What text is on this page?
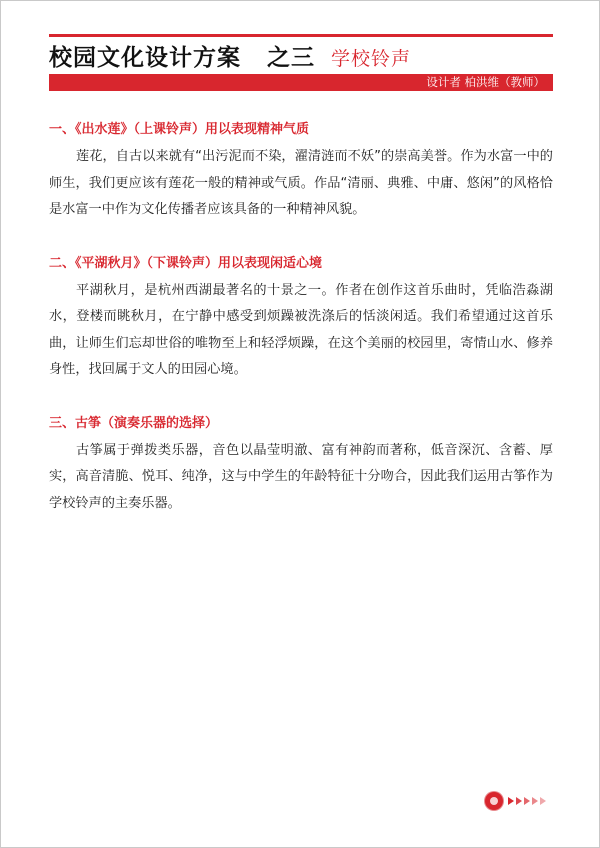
校园文化设计方案 之三 学校铃声
设计者 柏洪维（教师）

一、《出水莲》（上课铃声）用以表现精神气质

莲花，自古以来就有“出污泥而不染，濯清涟而不妖”的崇高美誉。作为水富一中的师生，我们更应该有莲花一般的精神或气质。作品“清丽、典雅、中庸、悠闲”的风格恰是水富一中作为文化传播者应该具备的一种精神风貌。

二、《平湖秋月》（下课铃声）用以表现闲适心境

平湖秋月，是杭州西湖最著名的十景之一。作者在创作这首乐曲时，凭临浩淼湖水，登楼而眺秋月，在宁静中感受到烦躁被洗涤后的恬淡闲适。我们希望通过这首乐曲，让师生们忘却世俗的唯物至上和轻浮烦躁，在这个美丽的校园里，寄情山水、修养身性，找回属于文人的田园心境。

三、古筝（演奏乐器的选择）

古筝属于弹拨类乐器，音色以晶莹明澈、富有神韵而著称，低音深沉、含蓄、厚实，高音清脆、悦耳、纯净，这与中学生的年龄特征十分吻合，因此我们运用古筝作为学校铃声的主奏乐器。
